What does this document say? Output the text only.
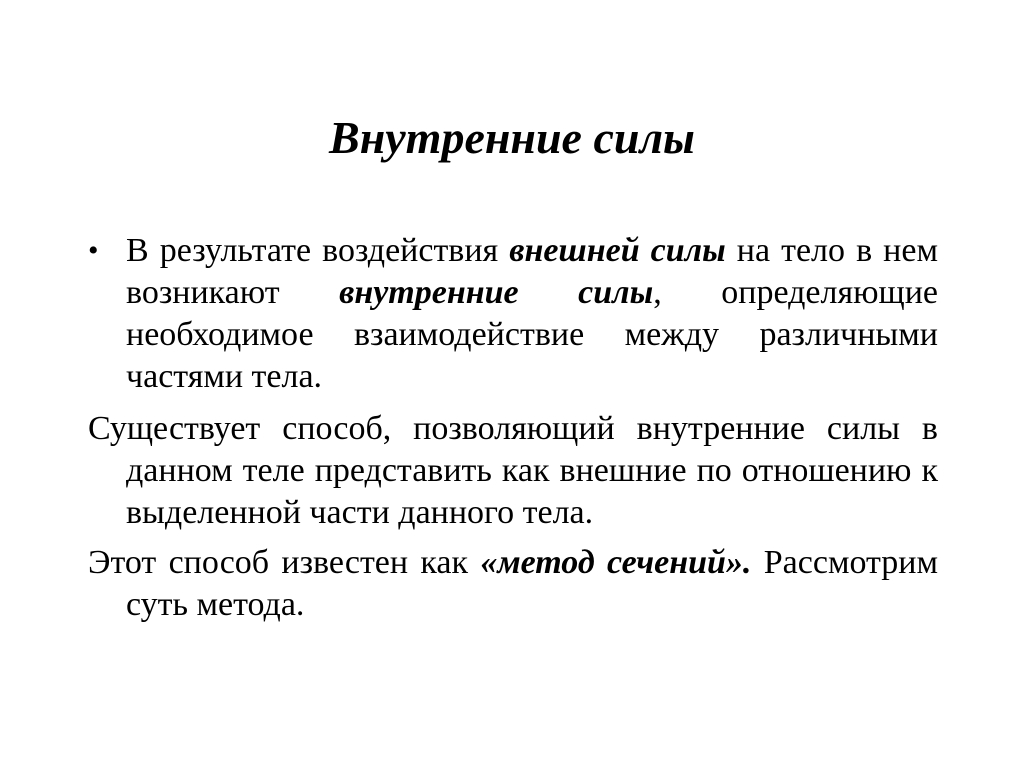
Внутренние силы

• В результате воздействия внешней силы на тело в нем возникают внутренние силы, определяющие необходимое взаимодействие между различными частями тела.

Существует способ, позволяющий внутренние силы в данном теле представить как внешние по отношению к выделенной части данного тела.

Этот способ известен как «метод сечений». Рассмотрим суть метода.
